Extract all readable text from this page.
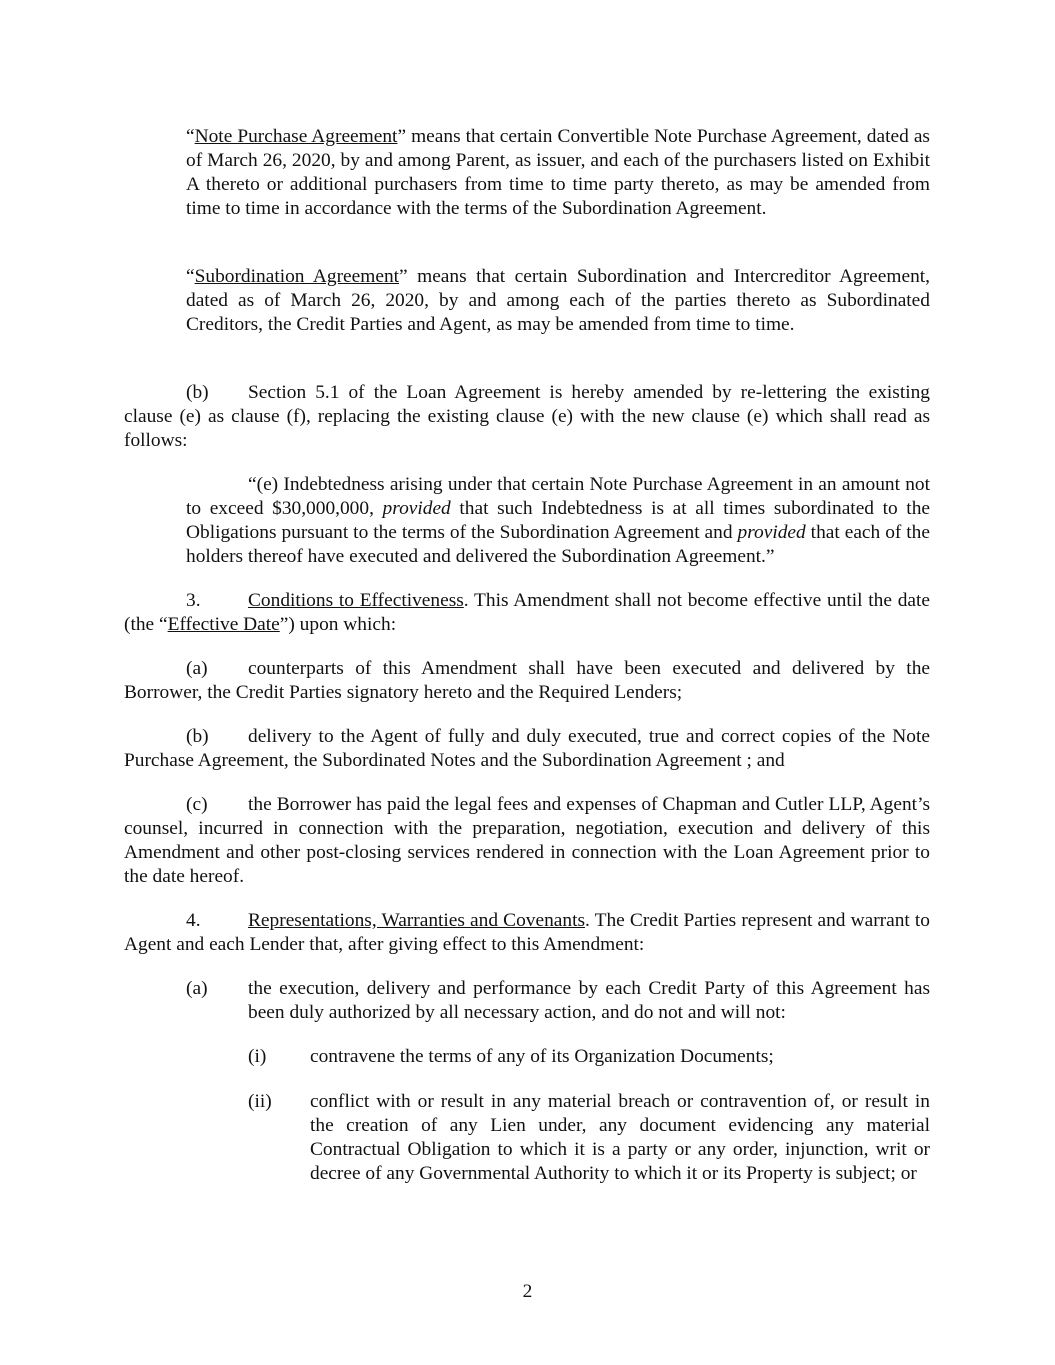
“Note Purchase Agreement” means that certain Convertible Note Purchase Agreement, dated as of March 26, 2020, by and among Parent, as issuer, and each of the purchasers listed on Exhibit A thereto or additional purchasers from time to time party thereto, as may be amended from time to time in accordance with the terms of the Subordination Agreement.

“Subordination Agreement” means that certain Subordination and Intercreditor Agreement, dated as of March 26, 2020, by and among each of the parties thereto as Subordinated Creditors, the Credit Parties and Agent, as may be amended from time to time.

(b) Section 5.1 of the Loan Agreement is hereby amended by re-lettering the existing clause (e) as clause (f), replacing the existing clause (e) with the new clause (e) which shall read as follows:

“(e) Indebtedness arising under that certain Note Purchase Agreement in an amount not to exceed $30,000,000, provided that such Indebtedness is at all times subordinated to the Obligations pursuant to the terms of the Subordination Agreement and provided that each of the holders thereof have executed and delivered the Subordination Agreement.”

3. Conditions to Effectiveness. This Amendment shall not become effective until the date (the “Effective Date”) upon which:

(a) counterparts of this Amendment shall have been executed and delivered by the Borrower, the Credit Parties signatory hereto and the Required Lenders;

(b) delivery to the Agent of fully and duly executed, true and correct copies of the Note Purchase Agreement, the Subordinated Notes and the Subordination Agreement ; and

(c) the Borrower has paid the legal fees and expenses of Chapman and Cutler LLP, Agent’s counsel, incurred in connection with the preparation, negotiation, execution and delivery of this Amendment and other post-closing services rendered in connection with the Loan Agreement prior to the date hereof.

4. Representations, Warranties and Covenants. The Credit Parties represent and warrant to Agent and each Lender that, after giving effect to this Amendment:

(a) the execution, delivery and performance by each Credit Party of this Agreement has been duly authorized by all necessary action, and do not and will not:
(i) contravene the terms of any of its Organization Documents;
(ii) conflict with or result in any material breach or contravention of, or result in the creation of any Lien under, any document evidencing any material Contractual Obligation to which it is a party or any order, injunction, writ or decree of any Governmental Authority to which it or its Property is subject; or
2
